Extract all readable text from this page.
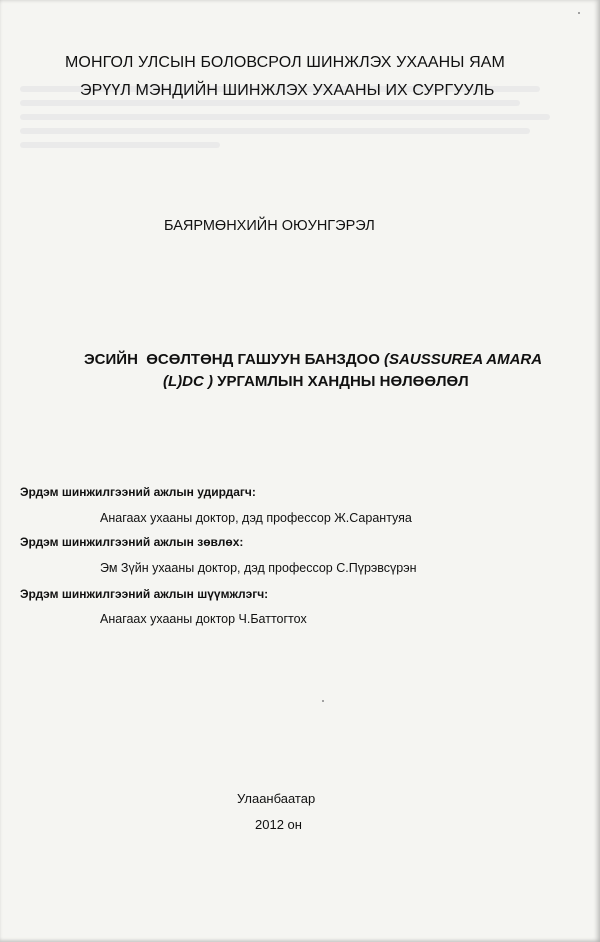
МОНГОЛ УЛСЫН БОЛОВСРОЛ ШИНЖЛЭХ УХААНЫ ЯАМ
ЭРҮҮЛ МЭНДИЙН ШИНЖЛЭХ УХААНЫ ИХ СУРГУУЛЬ
БАЯРМӨНХИЙН ОЮУНГЭРЭЛ
ЭСИЙН  ӨСӨЛТӨНД ГАШУУН БАНЗДОО (SAUSSUREA AMARA
(L)DC ) УРГАМЛЫН ХАНДНЫ НӨЛӨӨЛӨЛ
Эрдэм шинжилгээний ажлын удирдагч:
Анагаах ухааны доктор, дэд профессор Ж.Сарантуяа
Эрдэм шинжилгээний ажлын зөвлөх:
Эм Зүйн ухааны доктор, дэд профессор С.Пүрэвсүрэн
Эрдэм шинжилгээний ажлын шүүмжлэгч:
Анагаах ухааны доктор Ч.Баттогтох
Улаанбаатар
2012 он
